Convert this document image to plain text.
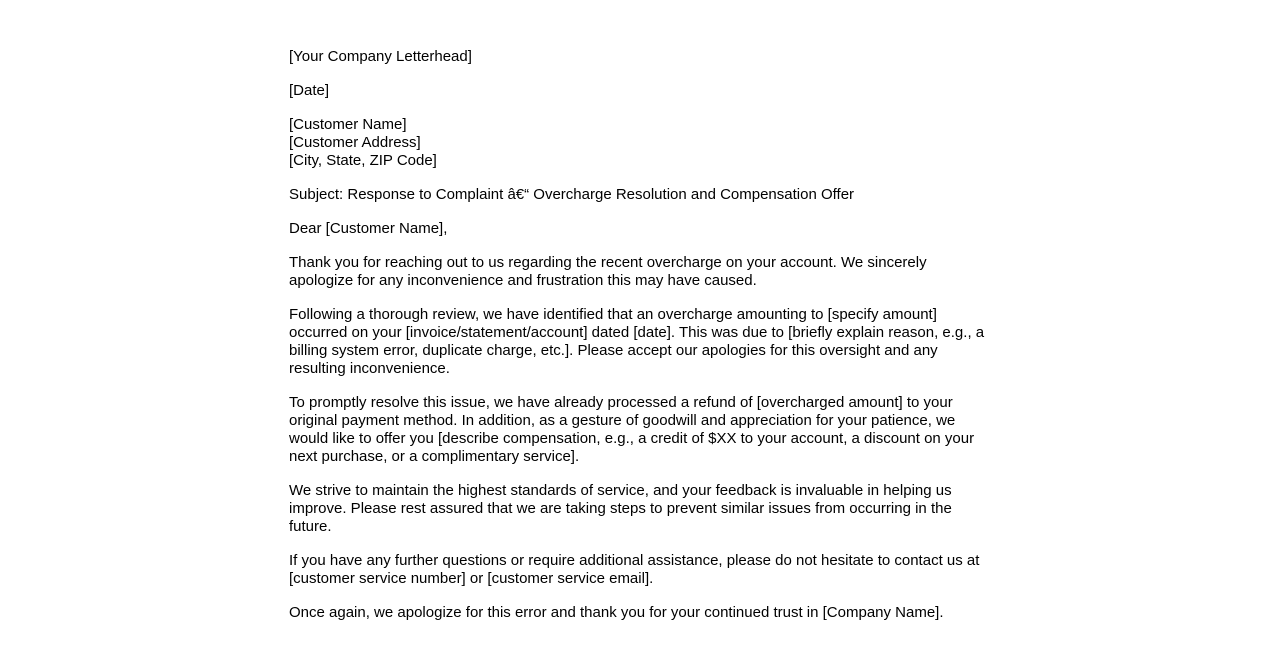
[Your Company Letterhead]

[Date]

[Customer Name]
[Customer Address]
[City, State, ZIP Code]

Subject: Response to Complaint â€“ Overcharge Resolution and Compensation Offer

Dear [Customer Name],

Thank you for reaching out to us regarding the recent overcharge on your account. We sincerely apologize for any inconvenience and frustration this may have caused.

Following a thorough review, we have identified that an overcharge amounting to [specify amount] occurred on your [invoice/statement/account] dated [date]. This was due to [briefly explain reason, e.g., a billing system error, duplicate charge, etc.]. Please accept our apologies for this oversight and any resulting inconvenience.

To promptly resolve this issue, we have already processed a refund of [overcharged amount] to your original payment method. In addition, as a gesture of goodwill and appreciation for your patience, we would like to offer you [describe compensation, e.g., a credit of $XX to your account, a discount on your next purchase, or a complimentary service].

We strive to maintain the highest standards of service, and your feedback is invaluable in helping us improve. Please rest assured that we are taking steps to prevent similar issues from occurring in the future.

If you have any further questions or require additional assistance, please do not hesitate to contact us at [customer service number] or [customer service email].

Once again, we apologize for this error and thank you for your continued trust in [Company Name].
